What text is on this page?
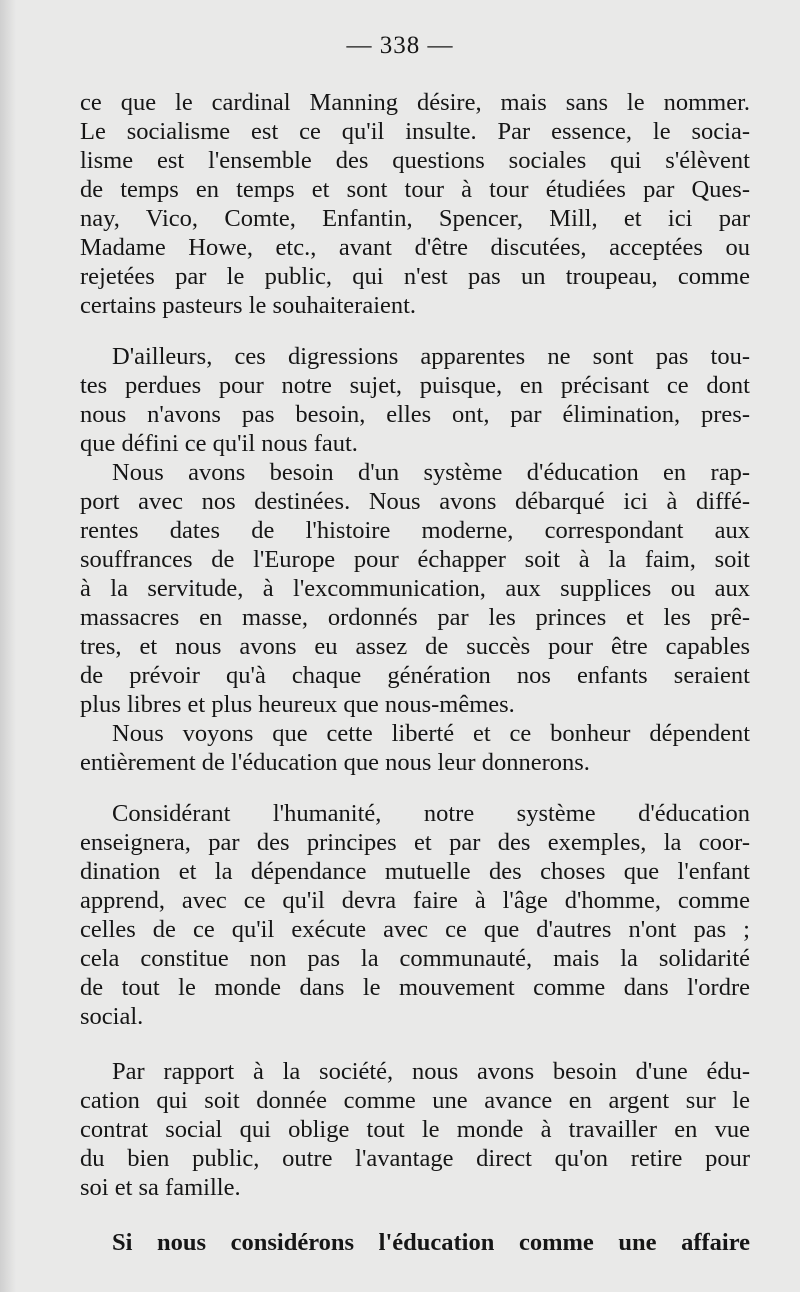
— 338 —
ce que le cardinal Manning désire, mais sans le nommer.
Le socialisme est ce qu'il insulte. Par essence, le socia-
lisme est l'ensemble des questions sociales qui s'élèvent
de temps en temps et sont tour à tour étudiées par Ques-
nay, Vico, Comte, Enfantin, Spencer, Mill, et ici par
Madame Howe, etc., avant d'être discutées, acceptées ou
rejetées par le public, qui n'est pas un troupeau, comme
certains pasteurs le souhaiteraient.
D'ailleurs, ces digressions apparentes ne sont pas tou-
tes perdues pour notre sujet, puisque, en précisant ce dont
nous n'avons pas besoin, elles ont, par élimination, pres-
que défini ce qu'il nous faut.
Nous avons besoin d'un système d'éducation en rap-
port avec nos destinées. Nous avons débarqué ici à diffé-
rentes dates de l'histoire moderne, correspondant aux
souffrances de l'Europe pour échapper soit à la faim, soit
à la servitude, à l'excommunication, aux supplices ou aux
massacres en masse, ordonnés par les princes et les prê-
tres, et nous avons eu assez de succès pour être capables
de prévoir qu'à chaque génération nos enfants seraient
plus libres et plus heureux que nous-mêmes.
Nous voyons que cette liberté et ce bonheur dépendent
entièrement de l'éducation que nous leur donnerons.
Considérant l'humanité, notre système d'éducation
enseignera, par des principes et par des exemples, la coor-
dination et la dépendance mutuelle des choses que l'enfant
apprend, avec ce qu'il devra faire à l'âge d'homme, comme
celles de ce qu'il exécute avec ce que d'autres n'ont pas ;
cela constitue non pas la communauté, mais la solidarité
de tout le monde dans le mouvement comme dans l'ordre
social.
Par rapport à la société, nous avons besoin d'une édu-
cation qui soit donnée comme une avance en argent sur le
contrat social qui oblige tout le monde à travailler en vue
du bien public, outre l'avantage direct qu'on retire pour
soi et sa famille.
Si nous considérons l'éducation comme une affaire
